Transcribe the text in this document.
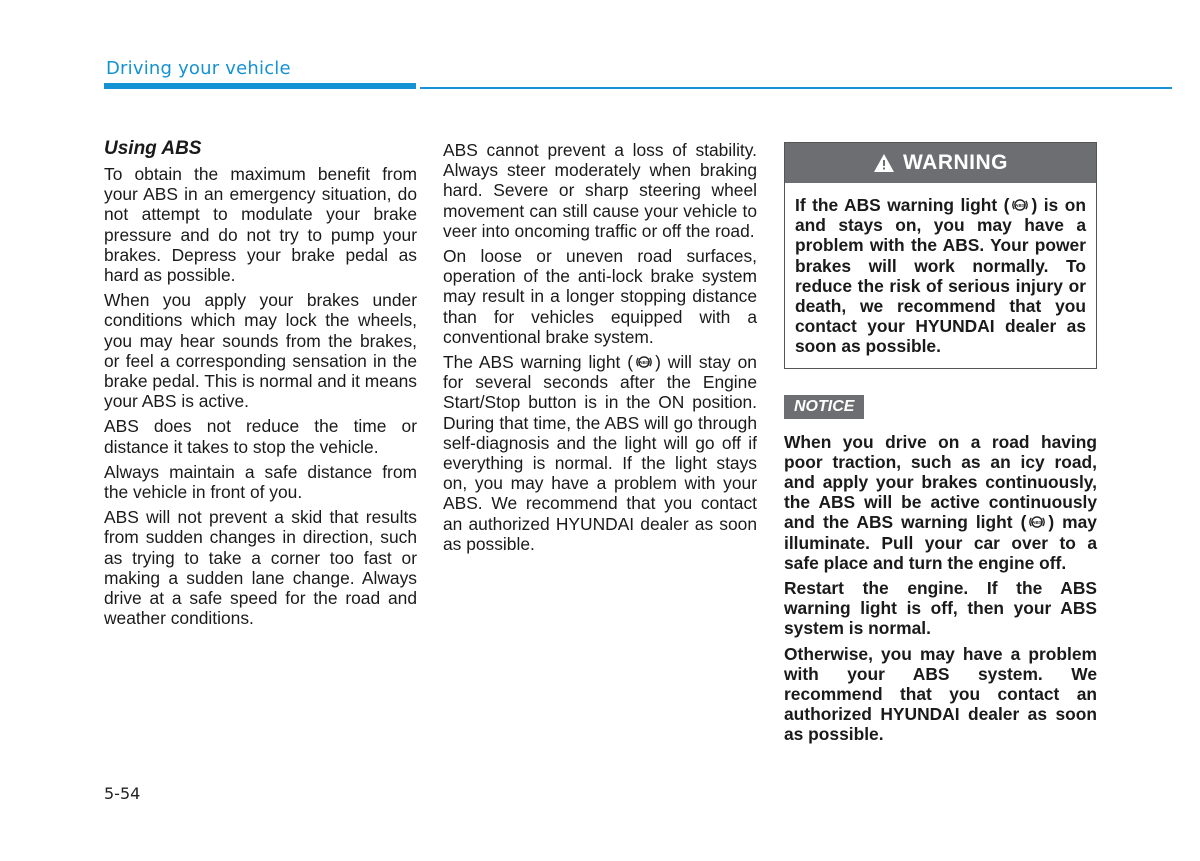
Driving your vehicle

Using ABS

To obtain the maximum benefit from your ABS in an emergency situation, do not attempt to modulate your brake pressure and do not try to pump your brakes. Depress your brake pedal as hard as possible.

When you apply your brakes under conditions which may lock the wheels, you may hear sounds from the brakes, or feel a corresponding sensation in the brake pedal. This is normal and it means your ABS is active.

ABS does not reduce the time or distance it takes to stop the vehicle.

Always maintain a safe distance from the vehicle in front of you.

ABS will not prevent a skid that results from sudden changes in direction, such as trying to take a corner too fast or making a sudden lane change. Always drive at a safe speed for the road and weather conditions.

ABS cannot prevent a loss of stability. Always steer moderately when braking hard. Severe or sharp steering wheel movement can still cause your vehicle to veer into oncoming traffic or off the road.

On loose or uneven road surfaces, operation of the anti-lock brake system may result in a longer stopping distance than for vehicles equipped with a conventional brake system.

The ABS warning light ( ABS ) will stay on for several seconds after the Engine Start/Stop button is in the ON position. During that time, the ABS will go through self-diagnosis and the light will go off if everything is normal. If the light stays on, you may have a problem with your ABS. We recommend that you contact an authorized HYUNDAI dealer as soon as possible.

WARNING
If the ABS warning light ( ABS ) is on and stays on, you may have a problem with the ABS. Your power brakes will work normally. To reduce the risk of serious injury or death, we recommend that you contact your HYUNDAI dealer as soon as possible.
NOTICE

When you drive on a road having poor traction, such as an icy road, and apply your brakes continuously, the ABS will be active continuously and the ABS warning light ( ABS ) may illuminate. Pull your car over to a safe place and turn the engine off.

Restart the engine. If the ABS warning light is off, then your ABS system is normal.

Otherwise, you may have a problem with your ABS system. We recommend that you contact an authorized HYUNDAI dealer as soon as possible.

5-54
